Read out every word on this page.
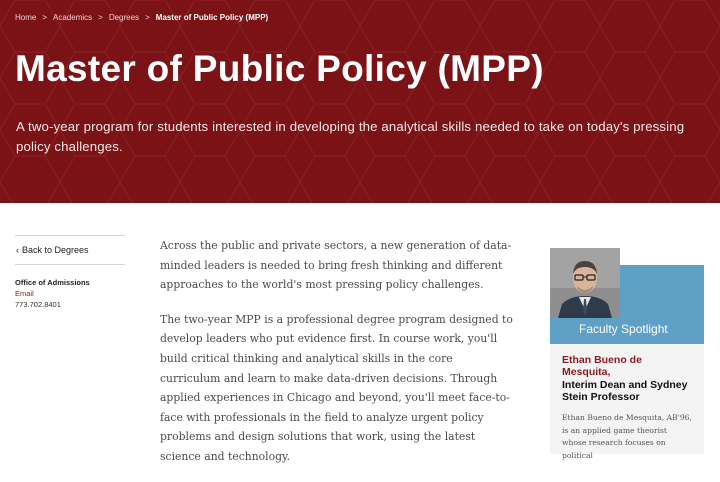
Home > Academics > Degrees > Master of Public Policy (MPP)
Master of Public Policy (MPP)

A two-year program for students interested in developing the analytical skills needed to take on today's pressing policy challenges.

‹ Back to Degrees
Office of Admissions
Email
773.702.8401

Across the public and private sectors, a new generation of data-minded leaders is needed to bring fresh thinking and different approaches to the world's most pressing policy challenges.

The two-year MPP is a professional degree program designed to develop leaders who put evidence first. In course work, you'll build critical thinking and analytical skills in the core curriculum and learn to make data-driven decisions. Through applied experiences in Chicago and beyond, you'll meet face-to-face with professionals in the field to analyze urgent policy problems and design solutions that work, using the latest science and technology.

Faculty Spotlight
Ethan Bueno de Mesquita,
Interim Dean and Sydney Stein Professor
Ethan Bueno de Mesquita, AB'96, is an applied game theorist whose research focuses on political
